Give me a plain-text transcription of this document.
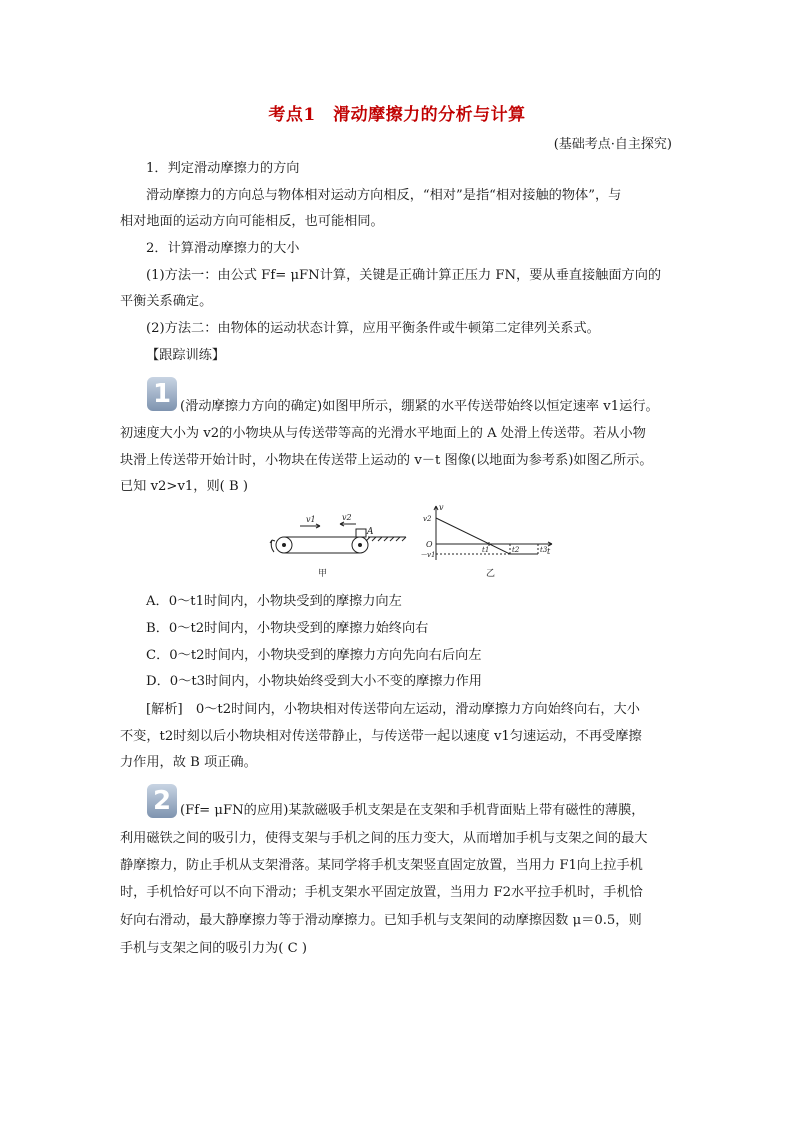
考点1　滑动摩擦力的分析与计算
(基础考点·自主探究)
1．判定滑动摩擦力的方向
滑动摩擦力的方向总与物体相对运动方向相反，“相对”是指“相对接触的物体”，与
相对地面的运动方向可能相反，也可能相同。
2．计算滑动摩擦力的大小
(1)方法一：由公式 Ff= μFN计算，关键是正确计算正压力 FN，要从垂直接触面方向的
平衡关系确定。
(2)方法二：由物体的运动状态计算，应用平衡条件或牛顿第二定律列关系式。
【跟踪训练】
1 (滑动摩擦力方向的确定)如图甲所示，绷紧的水平传送带始终以恒定速率 v1运行。
初速度大小为 v2的小物块从与传送带等高的光滑水平地面上的 A 处滑上传送带。若从小物
块滑上传送带开始计时，小物块在传送带上运动的 v－t 图像(以地面为参考系)如图乙所示。
已知 v2>v1，则( B )
v1	v2
A
甲
v
t
O
v2
－v1
t1	t2	t3
乙
A．0～t1时间内，小物块受到的摩擦力向左
B．0～t2时间内，小物块受到的摩擦力始终向右
C．0～t2时间内，小物块受到的摩擦力方向先向右后向左
D．0～t3时间内，小物块始终受到大小不变的摩擦力作用
[解析]　0～t2时间内，小物块相对传送带向左运动，滑动摩擦力方向始终向右，大小
不变，t2时刻以后小物块相对传送带静止，与传送带一起以速度 v1匀速运动，不再受摩擦
力作用，故 B 项正确。
2 (Ff= μFN的应用)某款磁吸手机支架是在支架和手机背面贴上带有磁性的薄膜，
利用磁铁之间的吸引力，使得支架与手机之间的压力变大，从而增加手机与支架之间的最大
静摩擦力，防止手机从支架滑落。某同学将手机支架竖直固定放置，当用力 F1向上拉手机
时，手机恰好可以不向下滑动；手机支架水平固定放置，当用力 F2水平拉手机时，手机恰
好向右滑动，最大静摩擦力等于滑动摩擦力。已知手机与支架间的动摩擦因数 μ＝0.5，则
手机与支架之间的吸引力为( C )
